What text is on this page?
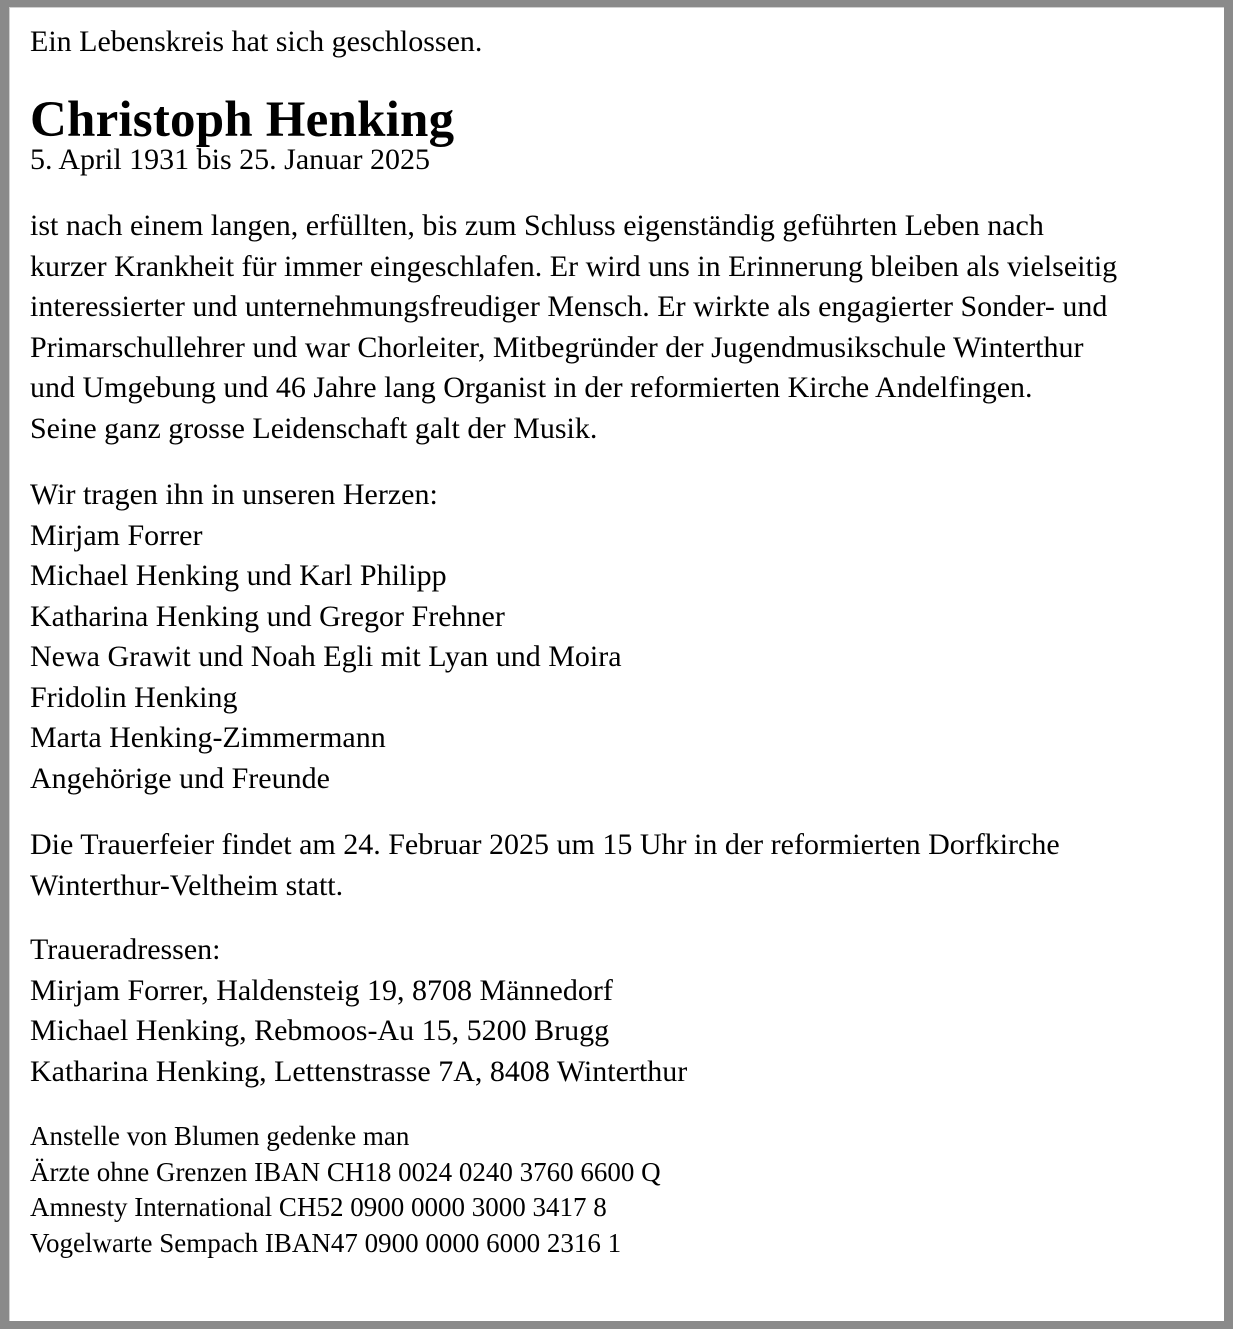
Ein Lebenskreis hat sich geschlossen.
Christoph Henking
5. April 1931 bis 25. Januar 2025
ist nach einem langen, erfüllten, bis zum Schluss eigenständig geführten Leben nach
kurzer Krankheit für immer eingeschlafen. Er wird uns in Erinnerung bleiben als vielseitig
interessierter und unternehmungsfreudiger Mensch. Er wirkte als engagierter Sonder- und
Primarschullehrer und war Chorleiter, Mitbegründer der Jugendmusikschule Winterthur
und Umgebung und 46 Jahre lang Organist in der reformierten Kirche Andelfingen.
Seine ganz grosse Leidenschaft galt der Musik.
Wir tragen ihn in unseren Herzen:
Mirjam Forrer
Michael Henking und Karl Philipp
Katharina Henking und Gregor Frehner
Newa Grawit und Noah Egli mit Lyan und Moira
Fridolin Henking
Marta Henking-Zimmermann
Angehörige und Freunde
Die Trauerfeier findet am 24. Februar 2025 um 15 Uhr in der reformierten Dorfkirche
Winterthur-Veltheim statt.
Traueradressen:
Mirjam Forrer, Haldensteig 19, 8708 Männedorf
Michael Henking, Rebmoos-Au 15, 5200 Brugg
Katharina Henking, Lettenstrasse 7A, 8408 Winterthur
Anstelle von Blumen gedenke man
Ärzte ohne Grenzen IBAN CH18 0024 0240 3760 6600 Q
Amnesty International CH52 0900 0000 3000 3417 8
Vogelwarte Sempach IBAN47 0900 0000 6000 2316 1
